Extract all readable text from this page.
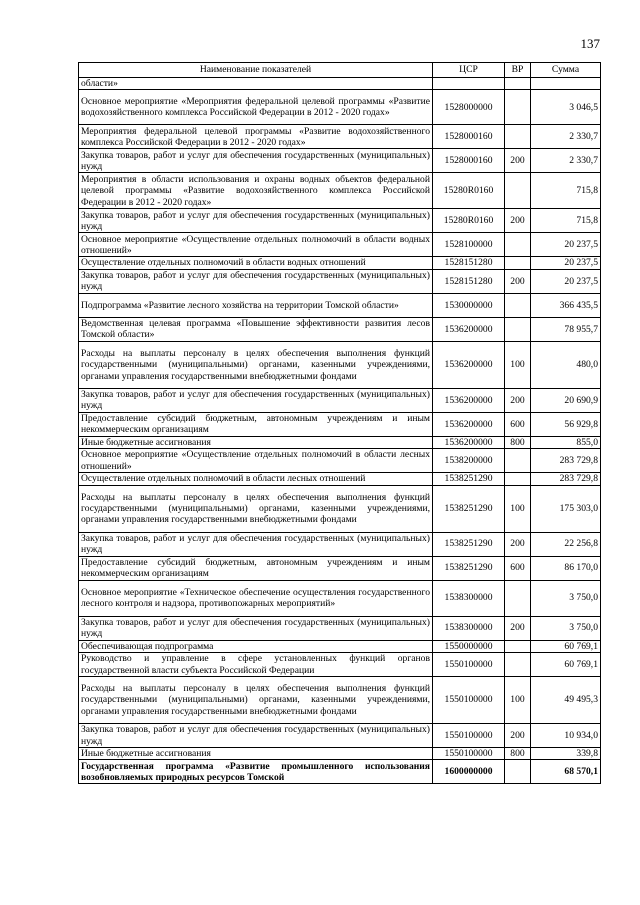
137
Наименование показателей	ЦСР	ВР	Сумма
области»			
Основное мероприятие «Мероприятия федеральной целевой программы «Развитие водохозяйственного комплекса Российской Федерации в 2012 - 2020 годах»	1528000000		3 046,5
Мероприятия федеральной целевой программы «Развитие водохозяйственного комплекса Российской Федерации в 2012 - 2020 годах»	1528000160		2 330,7
Закупка товаров, работ и услуг для обеспечения государственных (муниципальных) нужд	1528000160	200	2 330,7
Мероприятия в области использования и охраны водных объектов федеральной целевой программы «Развитие водохозяйственного комплекса Российской Федерации в 2012 - 2020 годах»	15280R0160		715,8
Закупка товаров, работ и услуг для обеспечения государственных (муниципальных) нужд	15280R0160	200	715,8
Основное мероприятие «Осуществление отдельных полномочий в области водных отношений»	1528100000		20 237,5
Осуществление отдельных полномочий в области водных отношений	1528151280		20 237,5
Закупка товаров, работ и услуг для обеспечения государственных (муниципальных) нужд	1528151280	200	20 237,5
Подпрограмма «Развитие лесного хозяйства на территории Томской области»	1530000000		366 435,5
Ведомственная целевая программа «Повышение эффективности развития лесов Томской области»	1536200000		78 955,7
Расходы на выплаты персоналу в целях обеспечения выполнения функций государственными (муниципальными) органами, казенными учреждениями, органами управления государственными внебюджетными фондами	1536200000	100	480,0
Закупка товаров, работ и услуг для обеспечения государственных (муниципальных) нужд	1536200000	200	20 690,9
Предоставление субсидий бюджетным, автономным учреждениям и иным некоммерческим организациям	1536200000	600	56 929,8
Иные бюджетные ассигнования	1536200000	800	855,0
Основное мероприятие «Осуществление отдельных полномочий в области лесных отношений»	1538200000		283 729,8
Осуществление отдельных полномочий в области лесных отношений	1538251290		283 729,8
Расходы на выплаты персоналу в целях обеспечения выполнения функций государственными (муниципальными) органами, казенными учреждениями, органами управления государственными внебюджетными фондами	1538251290	100	175 303,0
Закупка товаров, работ и услуг для обеспечения государственных (муниципальных) нужд	1538251290	200	22 256,8
Предоставление субсидий бюджетным, автономным учреждениям и иным некоммерческим организациям	1538251290	600	86 170,0
Основное мероприятие «Техническое обеспечение осуществления государственного лесного контроля и надзора, противопожарных мероприятий»	1538300000		3 750,0
Закупка товаров, работ и услуг для обеспечения государственных (муниципальных) нужд	1538300000	200	3 750,0
Обеспечивающая подпрограмма	1550000000		60 769,1
Руководство и управление в сфере установленных функций органов государственной власти субъекта Российской Федерации	1550100000		60 769,1
Расходы на выплаты персоналу в целях обеспечения выполнения функций государственными (муниципальными) органами, казенными учреждениями, органами управления государственными внебюджетными фондами	1550100000	100	49 495,3
Закупка товаров, работ и услуг для обеспечения государственных (муниципальных) нужд	1550100000	200	10 934,0
Иные бюджетные ассигнования	1550100000	800	339,8
Государственная программа «Развитие промышленного использования возобновляемых природных ресурсов Томской	1600000000		68 570,1
